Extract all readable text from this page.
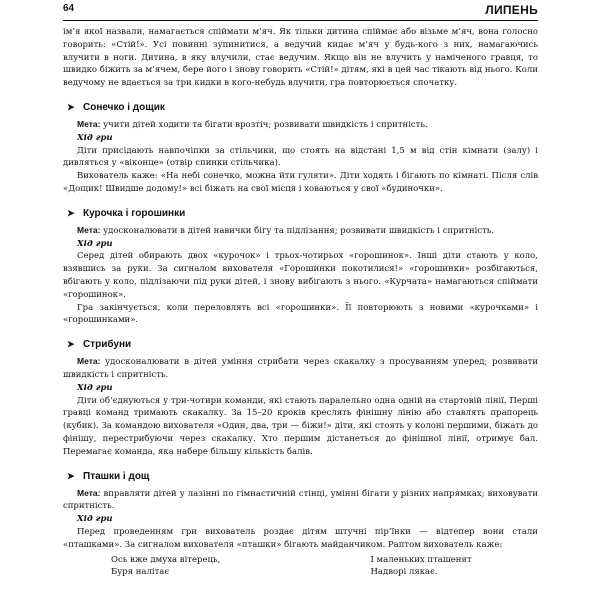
64	ЛИПЕНЬ

ім’я якої назвали, намагається спіймати м’яч. Як тільки дитина спіймає або візьме м’яч, вона голосно говорить: «Стій!». Усі повинні зупинитися, а ведучий кидає м’яч у будь-кого з них, намагаючись влучити в ноги. Дитина, в яку влучили, стає ведучим. Якщо він не влучить у намічeного гравця, то швидко біжить за м’ячем, бере його і знову говорить «Стій!» дітям, які в цей час тікають від нього. Коли ведучому не вдається за три кидки в кого-небудь влучити, гра повторюється спочатку.

➤ Сонечко і дощик

Мета: учити дітей ходити та бігати врозтіч; розвивати швидкість і спритність.

Хід гри

Діти присідають навпочіпки за стільчики, що стоять на відстані 1,5 м від стін кімнати (залу) і дивляться у «віконце» (отвір спинки стільчика).

Вихователь каже: «На небі сонечко, можна йти гуляти». Діти ходять і бігають по кімнаті. Після слів «Дощик! Швидше додому!» всі біжать на свої місця і ховаються у свої «будиночки».

➤ Курочка і горошинки

Мета: удосконалювати в дітей навички бігу та підлізання; розвивати швидкість і спритність.

Хід гри

Серед дітей обирають двох «курочок» і трьох-чотирьох «горошинок». Інші діти стають у коло, взявшись за руки. За сигналом вихователя «Горошинки покотилися!» «горошинки» розбігаються, вбігають у коло, підлізаючи під руки дітей, і знову вибігають з нього. «Курчата» намагаються спіймати «горошинок».

Гра закінчується, коли переловлять всі «горошинки». Її повторюють з новими «курочками» і «горошинками».

➤ Стрибуни

Мета: удосконалювати в дітей уміння стрибати через скакалку з просуванням уперед; розвивати швидкість і спритність.

Хід гри

Діти об’єднуються у три-чотири команди, які стають паралельно одна одній на стартовій лінії. Перші гравці команд тримають скакалку. За 15–20 кроків креслять фінішну лінію або ставлять прапорець (кубик). За командою вихователя «Один, два, три — біжи!» діти, які стоять у колоні першими, біжать до фінішу, перестрибуючи через скакалку. Хто першим дістанеться до фінішної лінії, отримує бал. Перемагає команда, яка набере більшу кількість балів.

➤ Пташки і дощ

Мета: вправляти дітей у лазінні по гімнастичній стінці, умінні бігати у різних напрямках; виховувати спритність.

Хід гри

Перед проведенням гри вихователь роздає дітям штучні пір’їнки — відтепер вони стали «пташками». За сигналом вихователя «пташки» бігають майданчиком. Раптом вихователь каже:

Ось вже дмуха вітерець,
Буря налітає
І маленьких пташенят
Надворі лякає.
